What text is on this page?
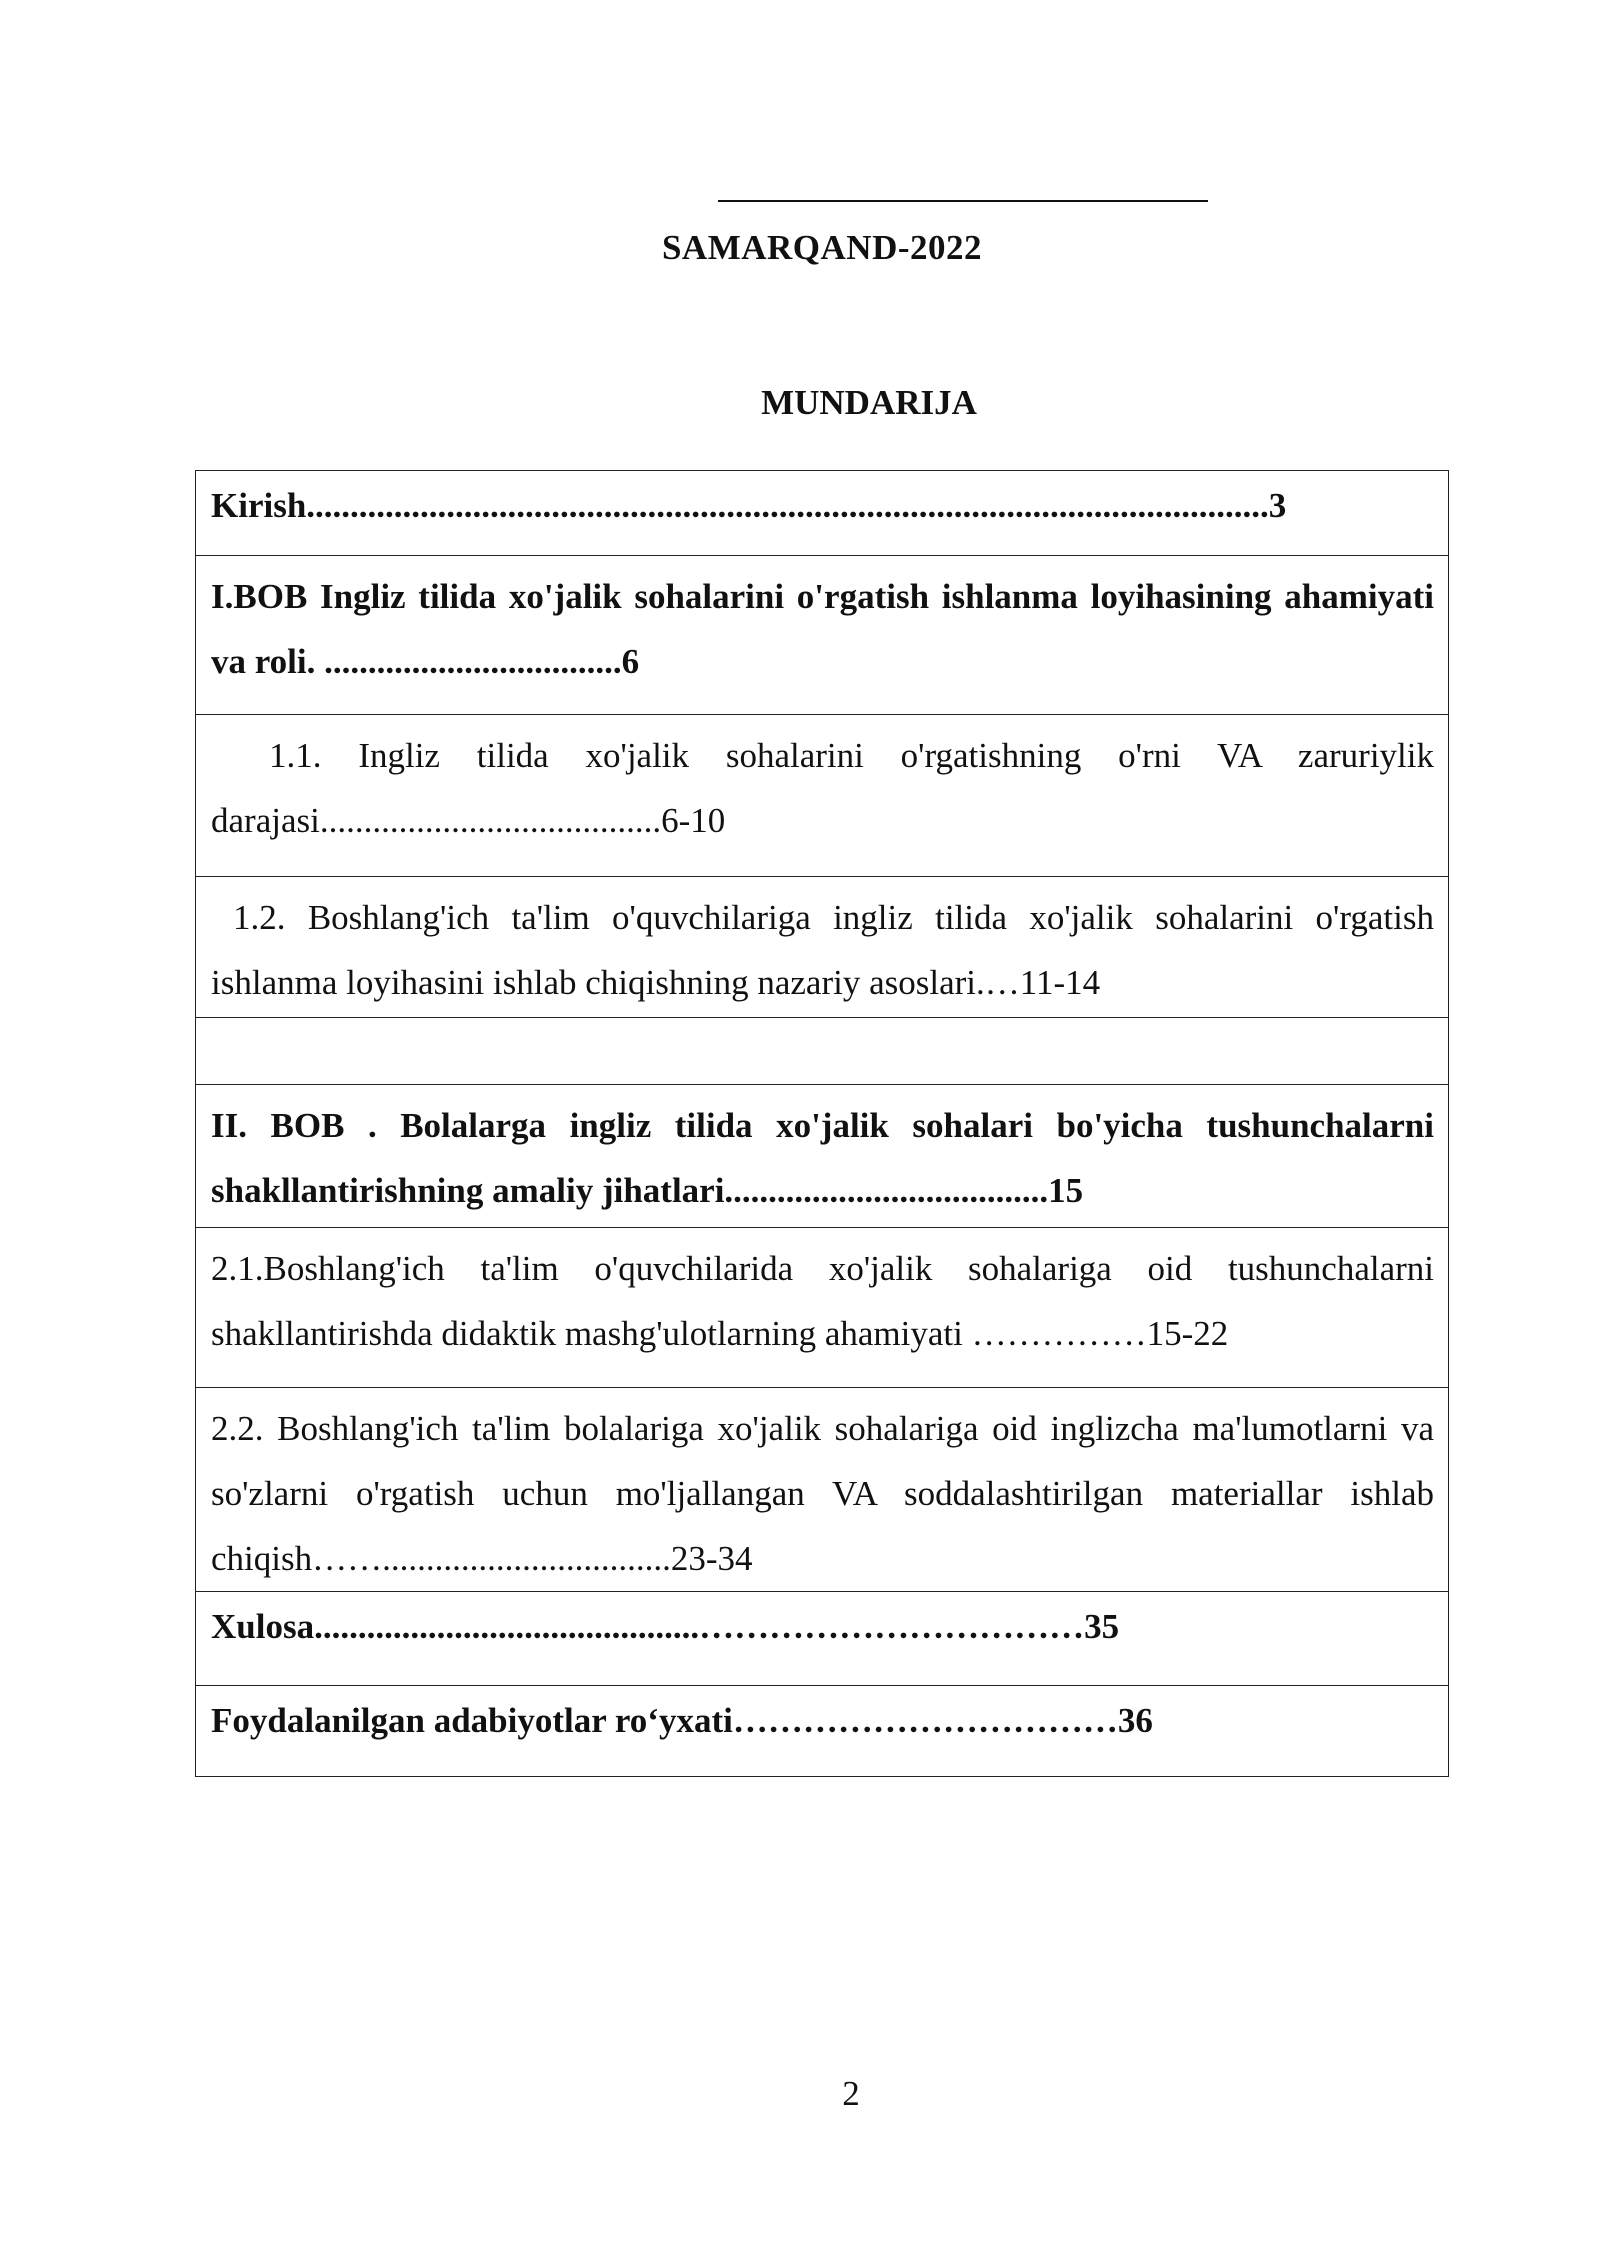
SAMARQAND-2022
MUNDARIJA
Kirish..............................................................................................................3
I.BOB Ingliz tilida xo'jalik sohalarini o'rgatish ishlanma loyihasining ahamiyati va roli. ..................................6
1.1. Ingliz tilida xo'jalik sohalarini o'rgatishning o'rni VA zaruriylik darajasi.......................................6-10
1.2. Boshlang'ich ta'lim o'quvchilariga ingliz tilida xo'jalik sohalarini o'rgatish ishlanma loyihasini ishlab chiqishning nazariy asoslari.…11-14

II. BOB . Bolalarga ingliz tilida xo'jalik sohalari bo'yicha tushunchalarni shakllantirishning amaliy jihatlari.....................................15
2.1.Boshlang'ich ta'lim o'quvchilarida xo'jalik sohalariga oid tushunchalarni shakllantirishda didaktik mashg'ulotlarning ahamiyati ……………15-22
2.2. Boshlang'ich ta'lim bolalariga xo'jalik sohalariga oid inglizcha ma'lumotlarni va so'zlarni o'rgatish uchun mo'ljallangan VA soddalashtirilgan materiallar ishlab chiqish…….................................23-34
Xulosa............................................……………………………35
Foydalanilgan adabiyotlar ro‘yxati……………………………36
2
